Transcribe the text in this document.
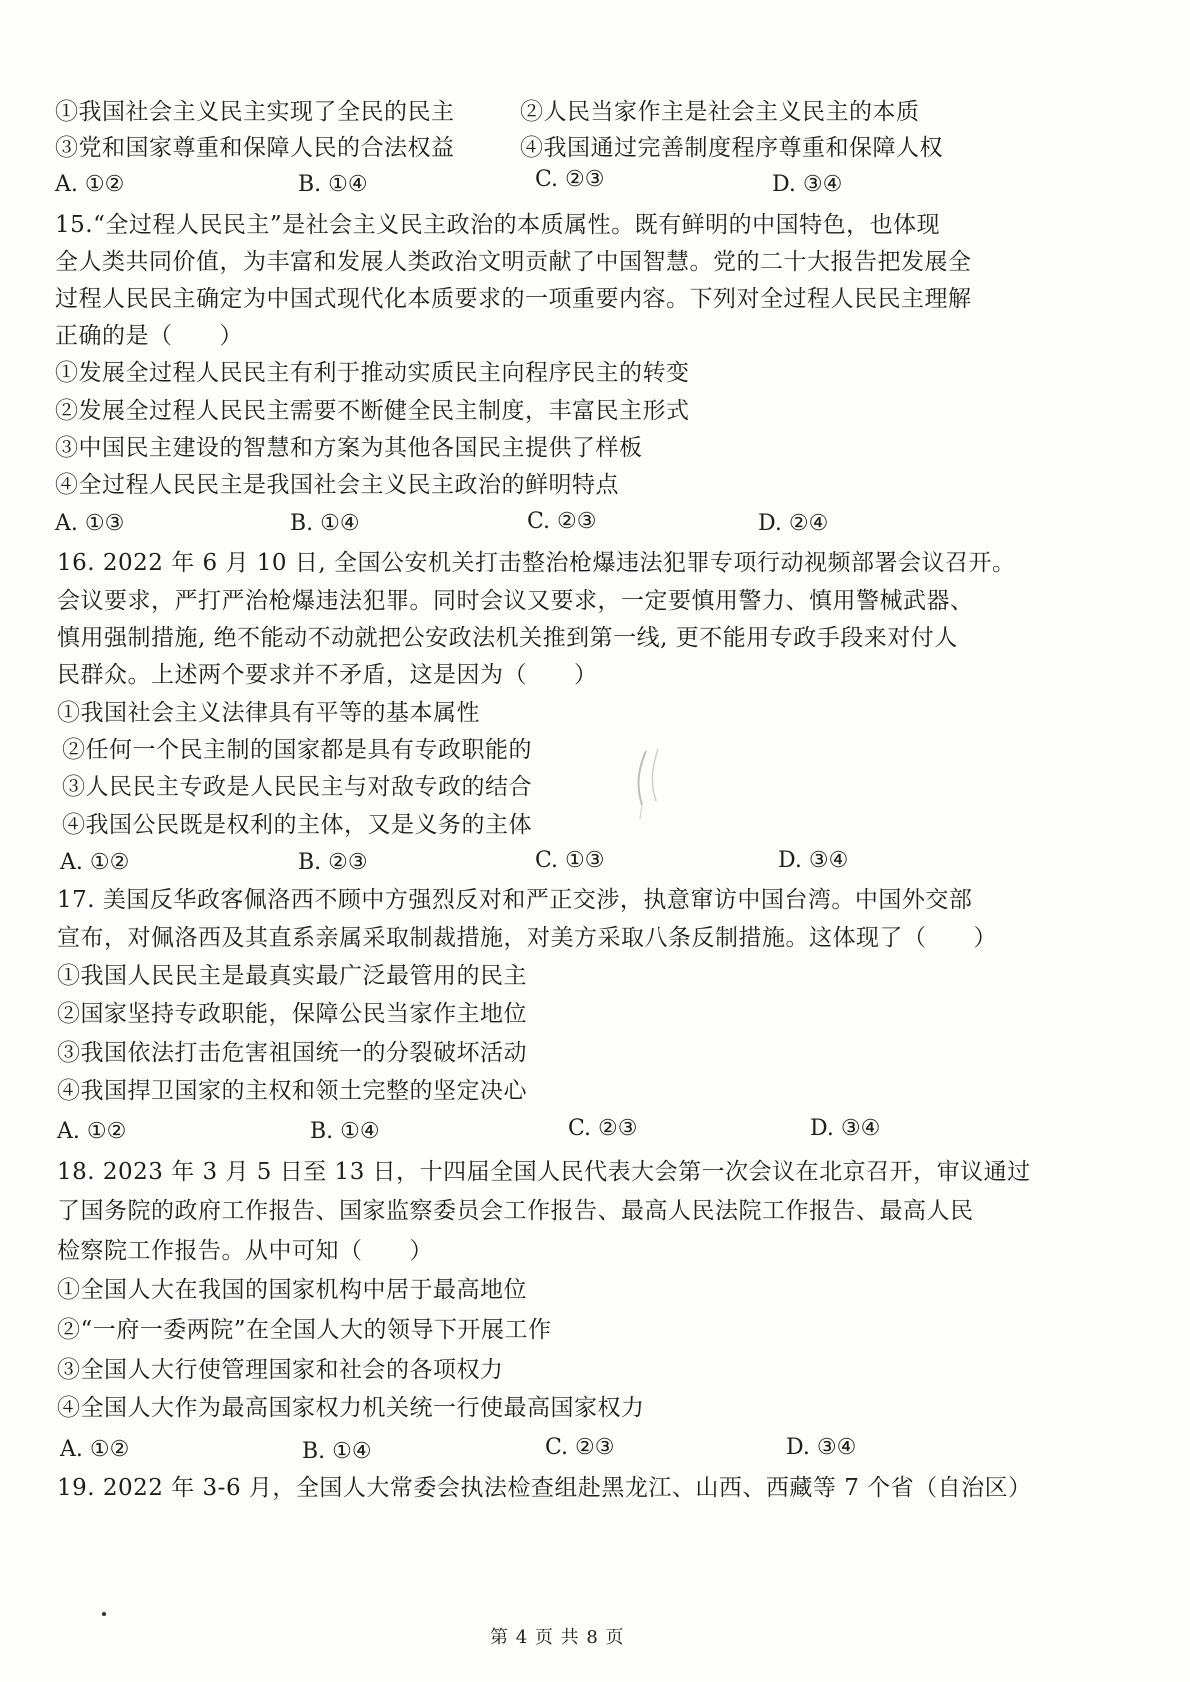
①我国社会主义民主实现了全民的民主	②人民当家作主是社会主义民主的本质
③党和国家尊重和保障人民的合法权益	④我国通过完善制度程序尊重和保障人权
A. ①②	B. ①④	C. ②③	D. ③④
15.“全过程人民民主”是社会主义民主政治的本质属性。既有鲜明的中国特色，也体现
全人类共同价值，为丰富和发展人类政治文明贡献了中国智慧。党的二十大报告把发展全
过程人民民主确定为中国式现代化本质要求的一项重要内容。下列对全过程人民民主理解
正确的是（　　）
①发展全过程人民民主有利于推动实质民主向程序民主的转变
②发展全过程人民民主需要不断健全民主制度，丰富民主形式
③中国民主建设的智慧和方案为其他各国民主提供了样板
④全过程人民民主是我国社会主义民主政治的鲜明特点
A. ①③	B. ①④	C. ②③	D. ②④
16. 2022 年 6 月 10 日, 全国公安机关打击整治枪爆违法犯罪专项行动视频部署会议召开。
会议要求，严打严治枪爆违法犯罪。同时会议又要求，一定要慎用警力、慎用警械武器、
慎用强制措施, 绝不能动不动就把公安政法机关推到第一线, 更不能用专政手段来对付人
民群众。上述两个要求并不矛盾，这是因为（　　）
①我国社会主义法律具有平等的基本属性
②任何一个民主制的国家都是具有专政职能的
③人民民主专政是人民民主与对敌专政的结合
④我国公民既是权利的主体，又是义务的主体
A. ①②	B. ②③	C. ①③	D. ③④
17. 美国反华政客佩洛西不顾中方强烈反对和严正交涉，执意窜访中国台湾。中国外交部
宣布，对佩洛西及其直系亲属采取制裁措施，对美方采取八条反制措施。这体现了（　　）
①我国人民民主是最真实最广泛最管用的民主
②国家坚持专政职能，保障公民当家作主地位
③我国依法打击危害祖国统一的分裂破坏活动
④我国捍卫国家的主权和领土完整的坚定决心
A. ①②	B. ①④	C. ②③	D. ③④
18. 2023 年 3 月 5 日至 13 日，十四届全国人民代表大会第一次会议在北京召开，审议通过
了国务院的政府工作报告、国家监察委员会工作报告、最高人民法院工作报告、最高人民
检察院工作报告。从中可知（　　）
①全国人大在我国的国家机构中居于最高地位
②“一府一委两院”在全国人大的领导下开展工作
③全国人大行使管理国家和社会的各项权力
④全国人大作为最高国家权力机关统一行使最高国家权力
A. ①②	B. ①④	C. ②③	D. ③④
19. 2022 年 3-6 月，全国人大常委会执法检查组赴黑龙江、山西、西藏等 7 个省（自治区）
第 4 页 共 8 页
